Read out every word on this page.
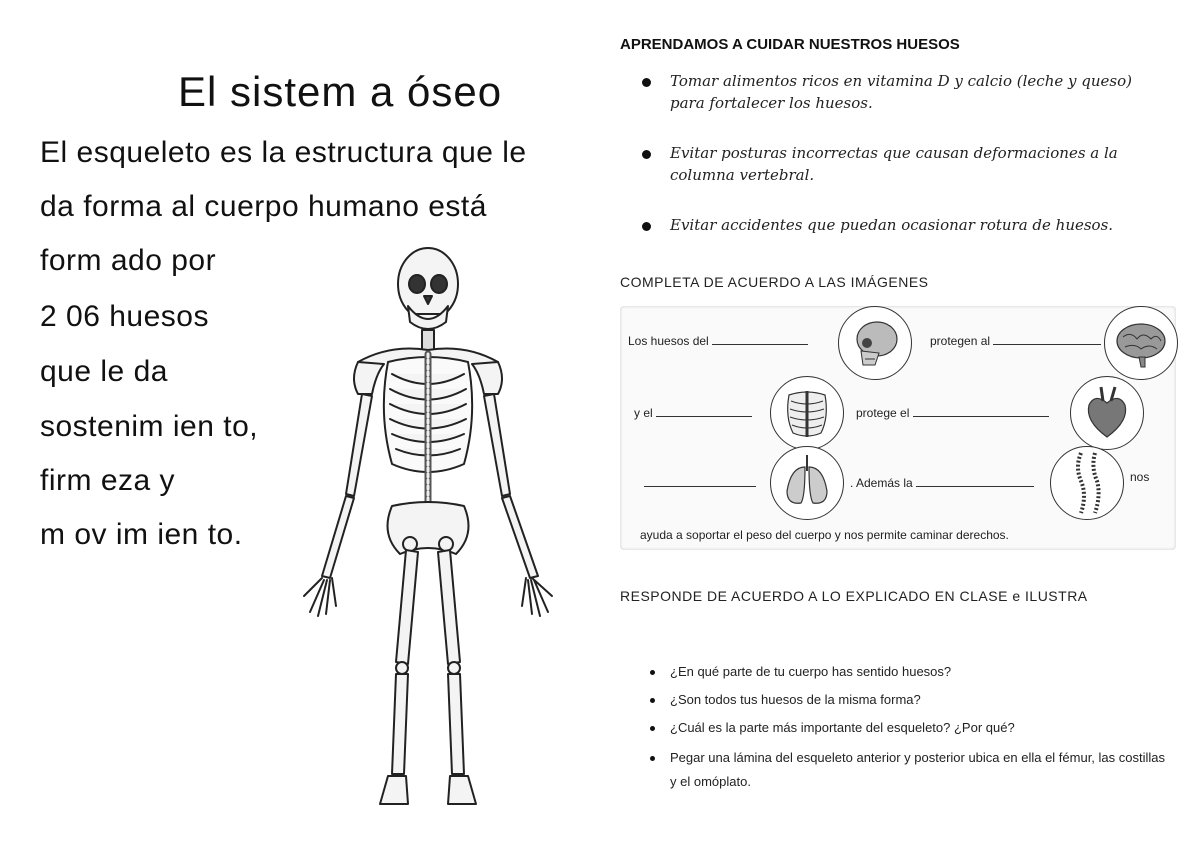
El sistem a óseo
El esqueleto es la estructura que le
da forma al cuerpo humano está
form ado por
2 06 huesos
que le da
sostenim ien to,
firm eza y
m ov im ien to.
APRENDAMOS A CUIDAR NUESTROS HUESOS
Tomar alimentos ricos en vitamina D y calcio (leche y queso) para fortalecer los huesos.
Evitar posturas incorrectas que causan deformaciones a la columna vertebral.
Evitar accidentes que puedan ocasionar rotura de huesos.
COMPLETA DE ACUERDO A LAS IMÁGENES
Los huesos del	protegen al
y el	protege el
. Además la	nos
ayuda a soportar el peso del cuerpo y nos permite caminar derechos.
RESPONDE DE ACUERDO A LO EXPLICADO EN CLASE e ILUSTRA
¿En qué parte de tu cuerpo has sentido huesos?
¿Son todos tus huesos de la misma forma?
¿Cuál es la parte más importante del esqueleto? ¿Por qué?
Pegar una lámina del esqueleto anterior y posterior ubica en ella el fémur, las costillas y el omóplato.
